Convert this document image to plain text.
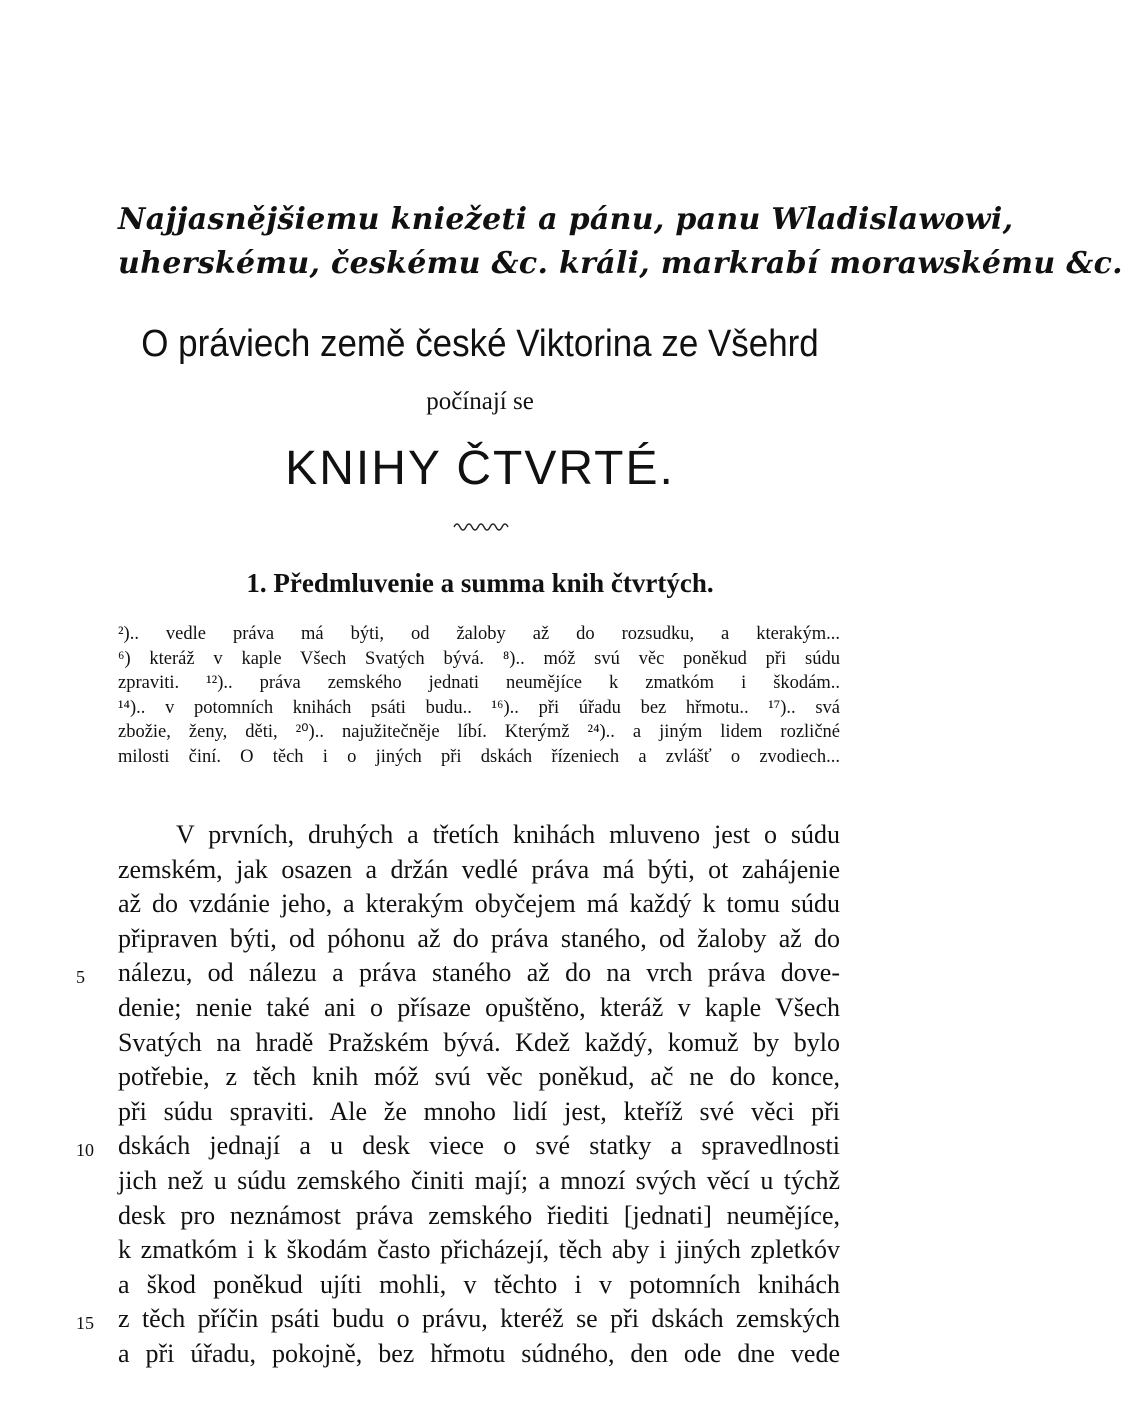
Najjasnějšiemu kniežeti a pánu, panu Wladislawowi,
uherskému, českému &c. králi, markrabí morawskému &c.
O práviech země české Viktorina ze Všehrd
počínají se
KNIHY ČTVRTÉ.
1. Předmluvenie a summa knih čtvrtých.
²).. vedle práva má býti, od žaloby až do rozsudku, a kterakým...
⁶) kteráž v kaple Všech Svatých bývá. ⁸).. móž svú věc poněkud při súdu
zpraviti. ¹²).. práva zemského jednati neumějíce k zmatkóm i škodám..
¹⁴).. v potomních knihách psáti budu.. ¹⁶).. při úřadu bez hřmotu.. ¹⁷).. svá
zbožie, ženy, děti, ²⁰).. najužitečněje líbí. Kterýmž ²⁴).. a jiným lidem rozličné
milosti činí. O těch i o jiných při dskách řízeniech a zvlášť o zvodiech...
V prvních, druhých a třetích knihách mluveno jest o súdu
zemském, jak osazen a držán vedlé práva má býti, ot zahájenie
až do vzdánie jeho, a kterakým obyčejem má každý k tomu súdu
připraven býti, od póhonu až do práva staného, od žaloby až do
5	nálezu, od nálezu a práva staného až do na vrch práva dove-
denie; nenie také ani o přísaze opuštěno, kteráž v kaple Všech
Svatých na hradě Pražském bývá. Kdež každý, komuž by bylo
potřebie, z těch knih móž svú věc poněkud, ač ne do konce,
při súdu spraviti. Ale že mnoho lidí jest, kteříž své věci při
10 dskách jednají a u desk viece o své statky a spravedlnosti
jich než u súdu zemského činiti mají; a mnozí svých věcí u týchž
desk pro neznámost práva zemského řiediti [jednati] neumějíce,
k zmatkóm i k škodám často přicházejí, těch aby i jiných zpletkóv
a škod poněkud ujíti mohli, v těchto i v potomních knihách
15 z těch příčin psáti budu o právu, kteréž se při dskách zemských
a při úřadu, pokojně, bez hřmotu súdného, den ode dne vede
